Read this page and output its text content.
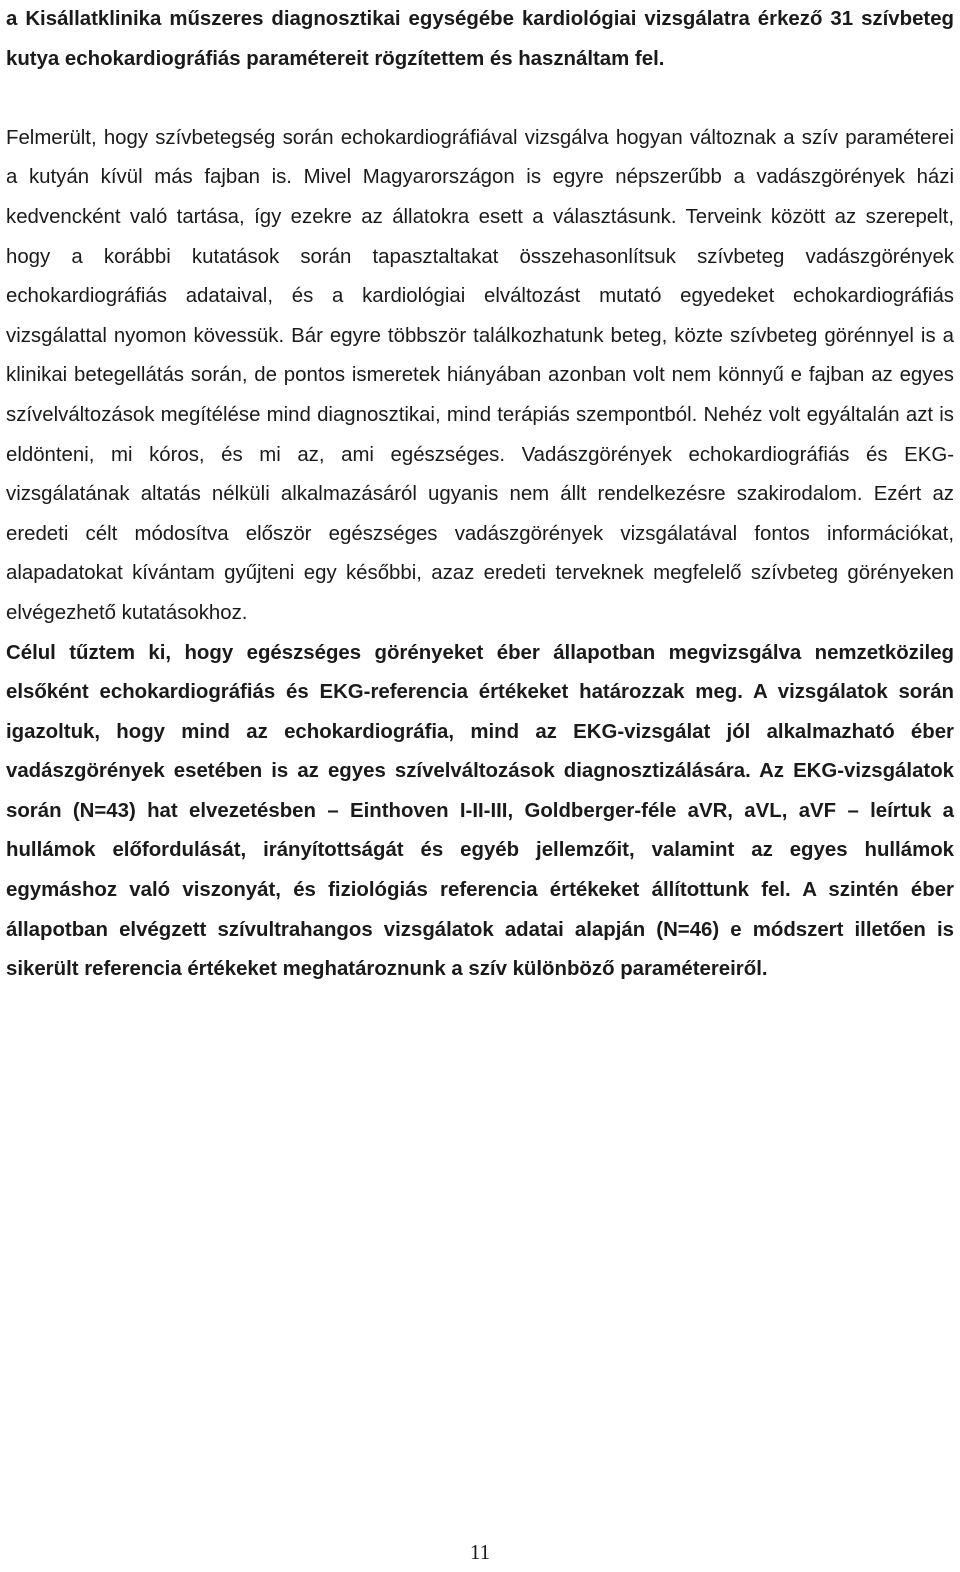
a Kisállatklinika műszeres diagnosztikai egységébe kardiológiai vizsgálatra érkező 31 szívbeteg kutya echokardiográfiás paramétereit rögzítettem és használtam fel.

Felmerült, hogy szívbetegség során echokardiográfiával vizsgálva hogyan változnak a szív paraméterei a kutyán kívül más fajban is. Mivel Magyarországon is egyre népszerűbb a vadászgörények házi kedvencként való tartása, így ezekre az állatokra esett a választásunk. Terveink között az szerepelt, hogy a korábbi kutatások során tapasztaltakat összehasonlítsuk szívbeteg vadászgörények echokardiográfiás adataival, és a kardiológiai elváltozást mutató egyedeket echokardiográfiás vizsgálattal nyomon kövessük. Bár egyre többször találkozhatunk beteg, közte szívbeteg görénnyel is a klinikai betegellátás során, de pontos ismeretek hiányában azonban volt nem könnyű e fajban az egyes szívelváltozások megítélése mind diagnosztikai, mind terápiás szempontból. Nehéz volt egyáltalán azt is eldönteni, mi kóros, és mi az, ami egészséges. Vadászgörények echokardiográfiás és EKG-vizsgálatának altatás nélküli alkalmazásáról ugyanis nem állt rendelkezésre szakirodalom. Ezért az eredeti célt módosítva először egészséges vadászgörények vizsgálatával fontos információkat, alapadatokat kívántam gyűjteni egy későbbi, azaz eredeti terveknek megfelelő szívbeteg görényeken elvégezhető kutatásokhoz.

Célul tűztem ki, hogy egészséges görényeket éber állapotban megvizsgálva nemzetközileg elsőként echokardiográfiás és EKG-referencia értékeket határozzak meg. A vizsgálatok során igazoltuk, hogy mind az echokardiográfia, mind az EKG-vizsgálat jól alkalmazható éber vadászgörények esetében is az egyes szívelváltozások diagnosztizálására. Az EKG-vizsgálatok során (N=43) hat elvezetésben – Einthoven I-II-III, Goldberger-féle aVR, aVL, aVF – leírtuk a hullámok előfordulását, irányítottságát és egyéb jellemzőit, valamint az egyes hullámok egymáshoz való viszonyát, és fiziológiás referencia értékeket állítottunk fel. A szintén éber állapotban elvégzett szívultrahangos vizsgálatok adatai alapján (N=46) e módszert illetően is sikerült referencia értékeket meghatároznunk a szív különböző paramétereiről.

11
